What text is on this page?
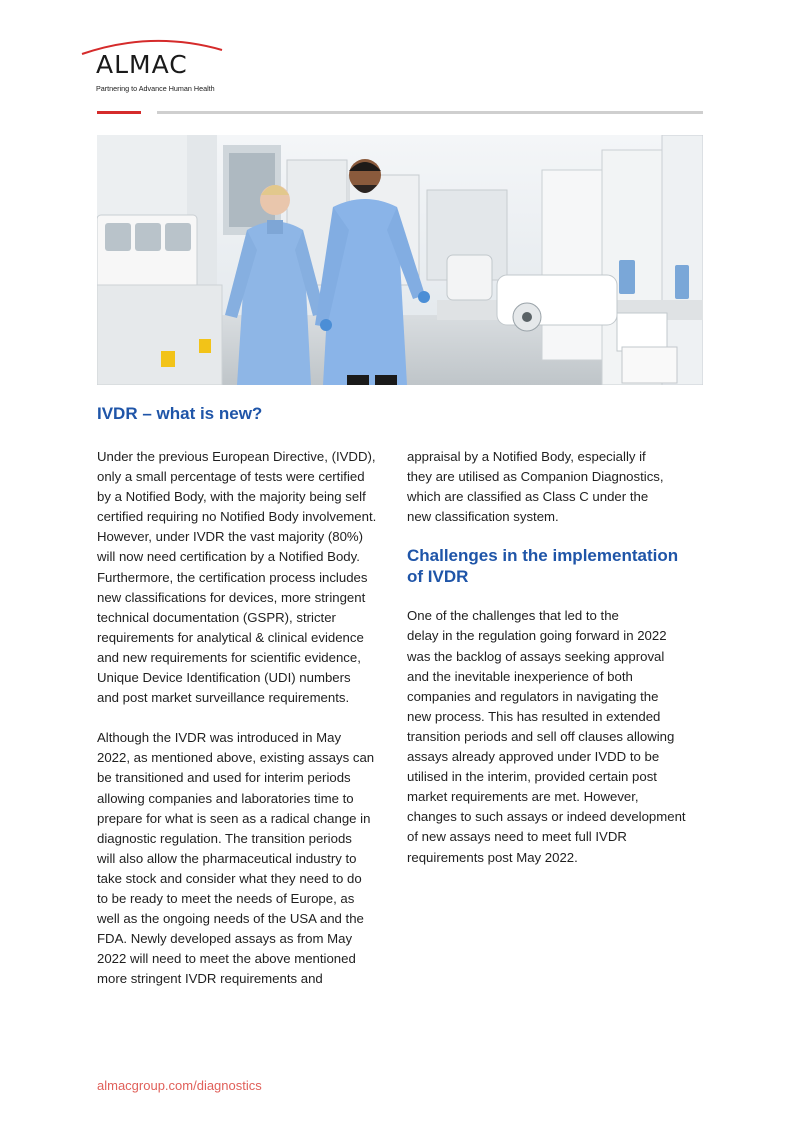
ALMAC
Partnering to Advance Human Health
IVDR – what is new?

Under the previous European Directive, (IVDD),
only a small percentage of tests were certified
by a Notified Body, with the majority being self
certified requiring no Notified Body involvement.
However, under IVDR the vast majority (80%)
will now need certification by a Notified Body.
Furthermore, the certification process includes
new classifications for devices, more stringent
technical documentation (GSPR), stricter
requirements for analytical & clinical evidence
and new requirements for scientific evidence,
Unique Device Identification (UDI) numbers
and post market surveillance requirements.

Although the IVDR was introduced in May
2022, as mentioned above, existing assays can
be transitioned and used for interim periods
allowing companies and laboratories time to
prepare for what is seen as a radical change in
diagnostic regulation. The transition periods
will also allow the pharmaceutical industry to
take stock and consider what they need to do
to be ready to meet the needs of Europe, as
well as the ongoing needs of the USA and the
FDA. Newly developed assays as from May
2022 will need to meet the above mentioned
more stringent IVDR requirements and

appraisal by a Notified Body, especially if
they are utilised as Companion Diagnostics,
which are classified as Class C under the
new classification system.

Challenges in the implementation
of IVDR

One of the challenges that led to the
delay in the regulation going forward in 2022
was the backlog of assays seeking approval
and the inevitable inexperience of both
companies and regulators in navigating the
new process. This has resulted in extended
transition periods and sell off clauses allowing
assays already approved under IVDD to be
utilised in the interim, provided certain post
market requirements are met. However,
changes to such assays or indeed development
of new assays need to meet full IVDR
requirements post May 2022.

almacgroup.com/diagnostics
